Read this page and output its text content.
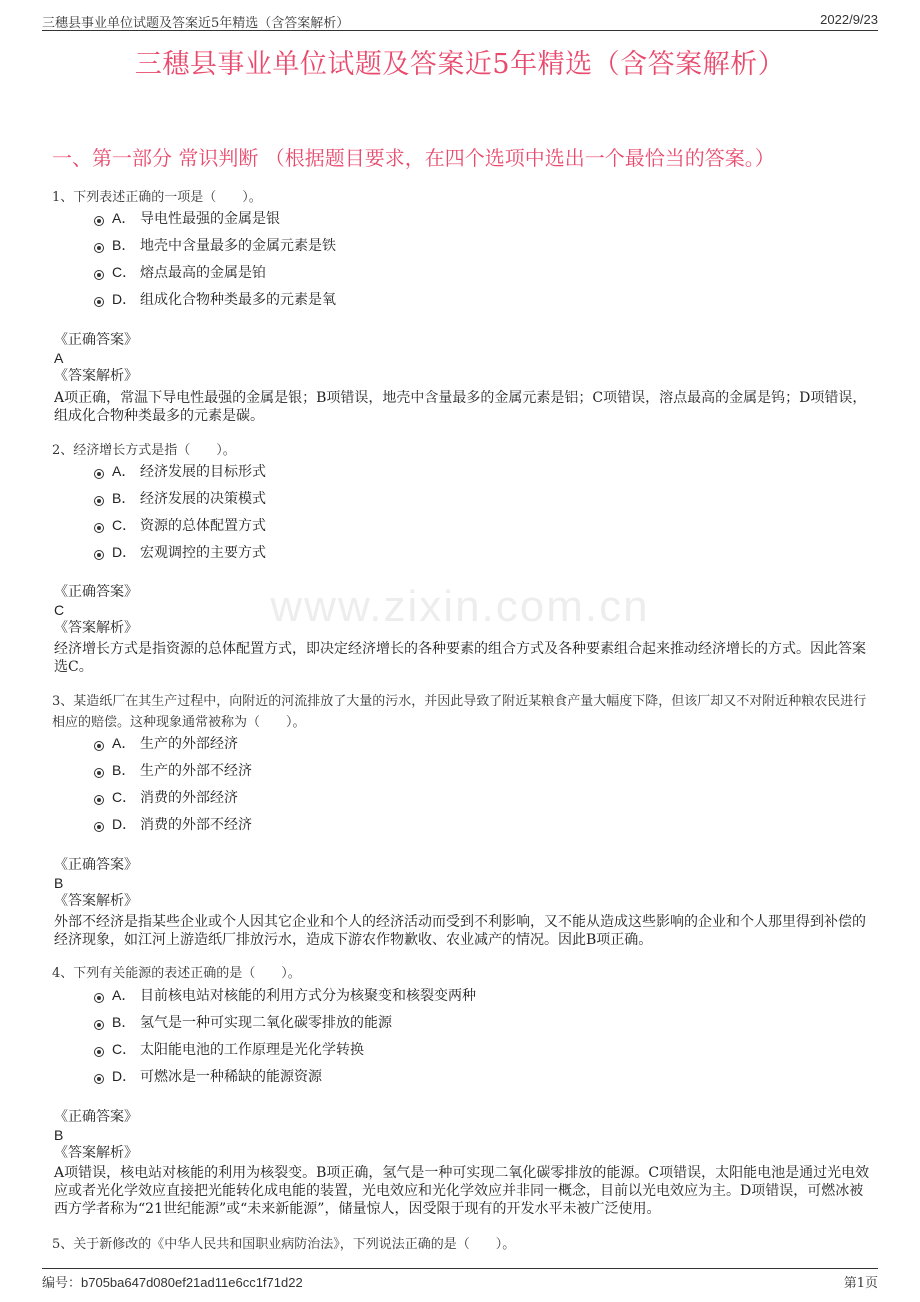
三穗县事业单位试题及答案近5年精选（含答案解析）	2022/9/23
三穗县事业单位试题及答案近5年精选（含答案解析）
一、第一部分 常识判断 （根据题目要求，在四个选项中选出一个最恰当的答案。）
www.zixin.com.cn
1、下列表述正确的一项是（　　）。
A． 导电性最强的金属是银
B． 地壳中含量最多的金属元素是铁
C． 熔点最高的金属是铂
D． 组成化合物种类最多的元素是氧
《正确答案》
A
《答案解析》
A项正确，常温下导电性最强的金属是银；B项错误，地壳中含量最多的金属元素是铝；C项错误，溶点最高的金属是钨；D项错误，组成化合物种类最多的元素是碳。
2、经济增长方式是指（　　）。
A． 经济发展的目标形式
B． 经济发展的决策模式
C． 资源的总体配置方式
D． 宏观调控的主要方式
《正确答案》
C
《答案解析》
经济增长方式是指资源的总体配置方式，即决定经济增长的各种要素的组合方式及各种要素组合起来推动经济增长的方式。因此答案选C。
3、某造纸厂在其生产过程中，向附近的河流排放了大量的污水，并因此导致了附近某粮食产量大幅度下降，但该厂却又不对附近种粮农民进行相应的赔偿。这种现象通常被称为（　　）。
A． 生产的外部经济
B． 生产的外部不经济
C． 消费的外部经济
D． 消费的外部不经济
《正确答案》
B
《答案解析》
外部不经济是指某些企业或个人因其它企业和个人的经济活动而受到不利影响，又不能从造成这些影响的企业和个人那里得到补偿的经济现象，如江河上游造纸厂排放污水，造成下游农作物歉收、农业减产的情况。因此B项正确。
4、下列有关能源的表述正确的是（　　）。
A． 目前核电站对核能的利用方式分为核聚变和核裂变两种
B． 氢气是一种可实现二氧化碳零排放的能源
C． 太阳能电池的工作原理是光化学转换
D． 可燃冰是一种稀缺的能源资源
《正确答案》
B
《答案解析》
A项错误，核电站对核能的利用为核裂变。B项正确，氢气是一种可实现二氧化碳零排放的能源。C项错误，太阳能电池是通过光电效应或者光化学效应直接把光能转化成电能的装置，光电效应和光化学效应并非同一概念，目前以光电效应为主。D项错误，可燃冰被西方学者称为“21世纪能源”或“未来新能源”，储量惊人，因受限于现有的开发水平未被广泛使用。
5、关于新修改的《中华人民共和国职业病防治法》，下列说法正确的是（　　）。
编号：b705ba647d080ef21ad11e6cc1f71d22	第1页
